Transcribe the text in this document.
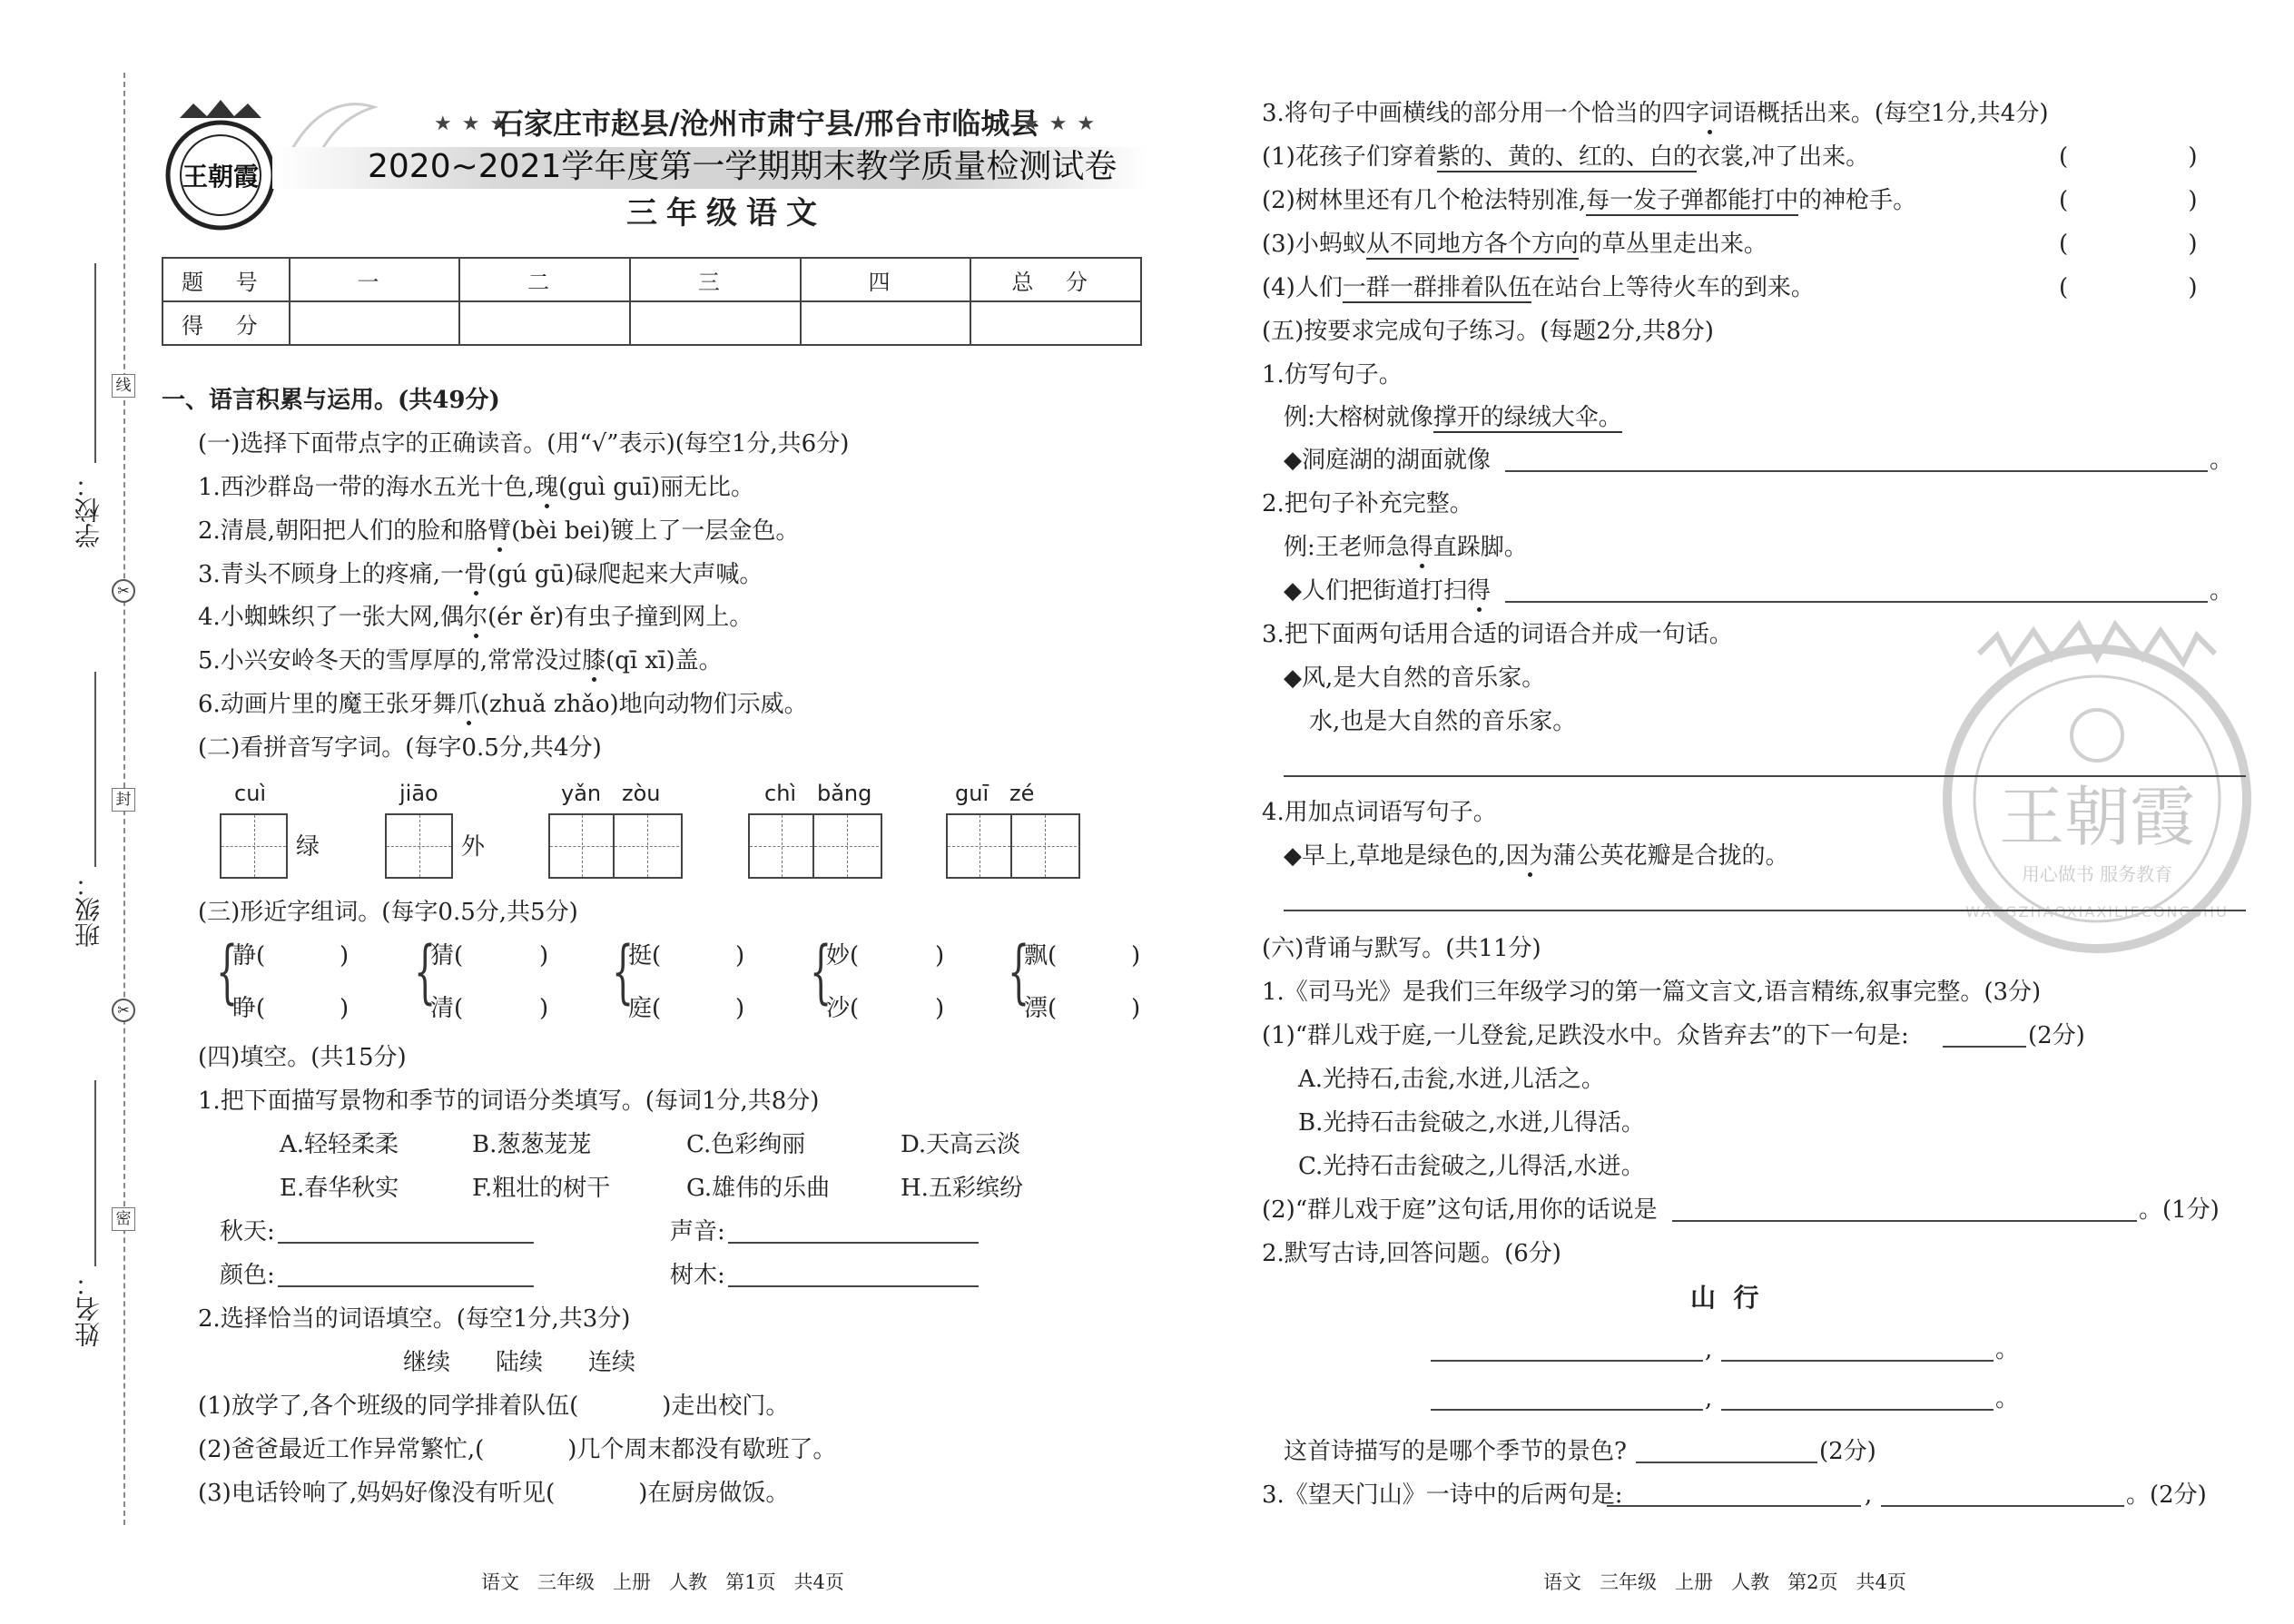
线
✂
封
✂
密
学校：
班级：
姓名：
王朝霞
★ ★ ★
石家庄市赵县/沧州市肃宁县/邢台市临城县
★ ★ ★
2020~2021学年度第一学期期末教学质量检测试卷
三年级语文
题 号	一	二	三	四	总 分
得 分					
一、语言积累与运用。(共49分)
(一)选择下面带点字的正确读音。(用“√”表示)(每空1分,共6分)
1.西沙群岛一带的海水五光十色,瑰(guì guī)丽无比。
2.清晨,朝阳把人们的脸和胳臂(bèi bei)镀上了一层金色。
3.青头不顾身上的疼痛,一骨(gú gū)碌爬起来大声喊。
4.小蜘蛛织了一张大网,偶尔(ér ěr)有虫子撞到网上。
5.小兴安岭冬天的雪厚厚的,常常没过膝(qī xī)盖。
6.动画片里的魔王张牙舞爪(zhuǎ zhǎo)地向动物们示威。
(二)看拼音写字词。(每字0.5分,共4分)
cuì
绿
jiāo
外
yǎn   zòu	chì   bǎng	guī   zé
(三)形近字组词。(每字0.5分,共5分)
{
静(	)
睁(	) {
猜(	)
清(	) {
挺(	)
庭(	) {
妙(	)
沙(	) {
飘(	)
漂(	)
(四)填空。(共15分)
1.把下面描写景物和季节的词语分类填写。(每词1分,共8分)
A.轻轻柔柔	B.葱葱茏茏	C.色彩绚丽	D.天高云淡
E.春华秋实	F.粗壮的树干	G.雄伟的乐曲	H.五彩缤纷
秋天:	声音:
颜色:	树木:
2.选择恰当的词语填空。(每空1分,共3分)
继续 陆续 连续
(1)放学了,各个班级的同学排着队伍(	)走出校门。
(2)爸爸最近工作异常繁忙,(	)几个周末都没有歇班了。
(3)电话铃响了,妈妈好像没有听见(	)在厨房做饭。
语文   三年级   上册   人教   第1页   共4页
王朝霞
用心做书 服务教育
WANGZHAOXIAXILIECONGSHU
3.将句子中画横线的部分用一个恰当的四字词语概括出来。(每空1分,共4分)
(1)花孩子们穿着紫的、黄的、红的、白的衣裳,冲了出来。	(                )
(2)树林里还有几个枪法特别准,每一发子弹都能打中的神枪手。	(                )
(3)小蚂蚁从不同地方各个方向的草丛里走出来。	(                )
(4)人们一群一群排着队伍在站台上等待火车的到来。	(                )
(五)按要求完成句子练习。(每题2分,共8分)
1.仿写句子。
例:大榕树就像撑开的绿绒大伞。
◆洞庭湖的湖面就像	。
2.把句子补充完整。
例:王老师急得直跺脚。
◆人们把街道打扫得	。
3.把下面两句话用合适的词语合并成一句话。
◆风,是大自然的音乐家。
水,也是大自然的音乐家。
4.用加点词语写句子。
◆早上,草地是绿色的,因为蒲公英花瓣是合拢的。
(六)背诵与默写。(共11分)
1.《司马光》是我们三年级学习的第一篇文言文,语言精练,叙事完整。(3分)
(1)“群儿戏于庭,一儿登瓮,足跌没水中。众皆弃去”的下一句是:	(2分)
A.光持石,击瓮,水迸,儿活之。
B.光持石击瓮破之,水迸,儿得活。
C.光持石击瓮破之,儿得活,水迸。
(2)“群儿戏于庭”这句话,用你的话说是	。(1分)
2.默写古诗,回答问题。(6分)
山  行
,	。
,	。
这首诗描写的是哪个季节的景色?	(2分)
3.《望天门山》一诗中的后两句是:	,	。(2分)
语文   三年级   上册   人教   第2页   共4页
